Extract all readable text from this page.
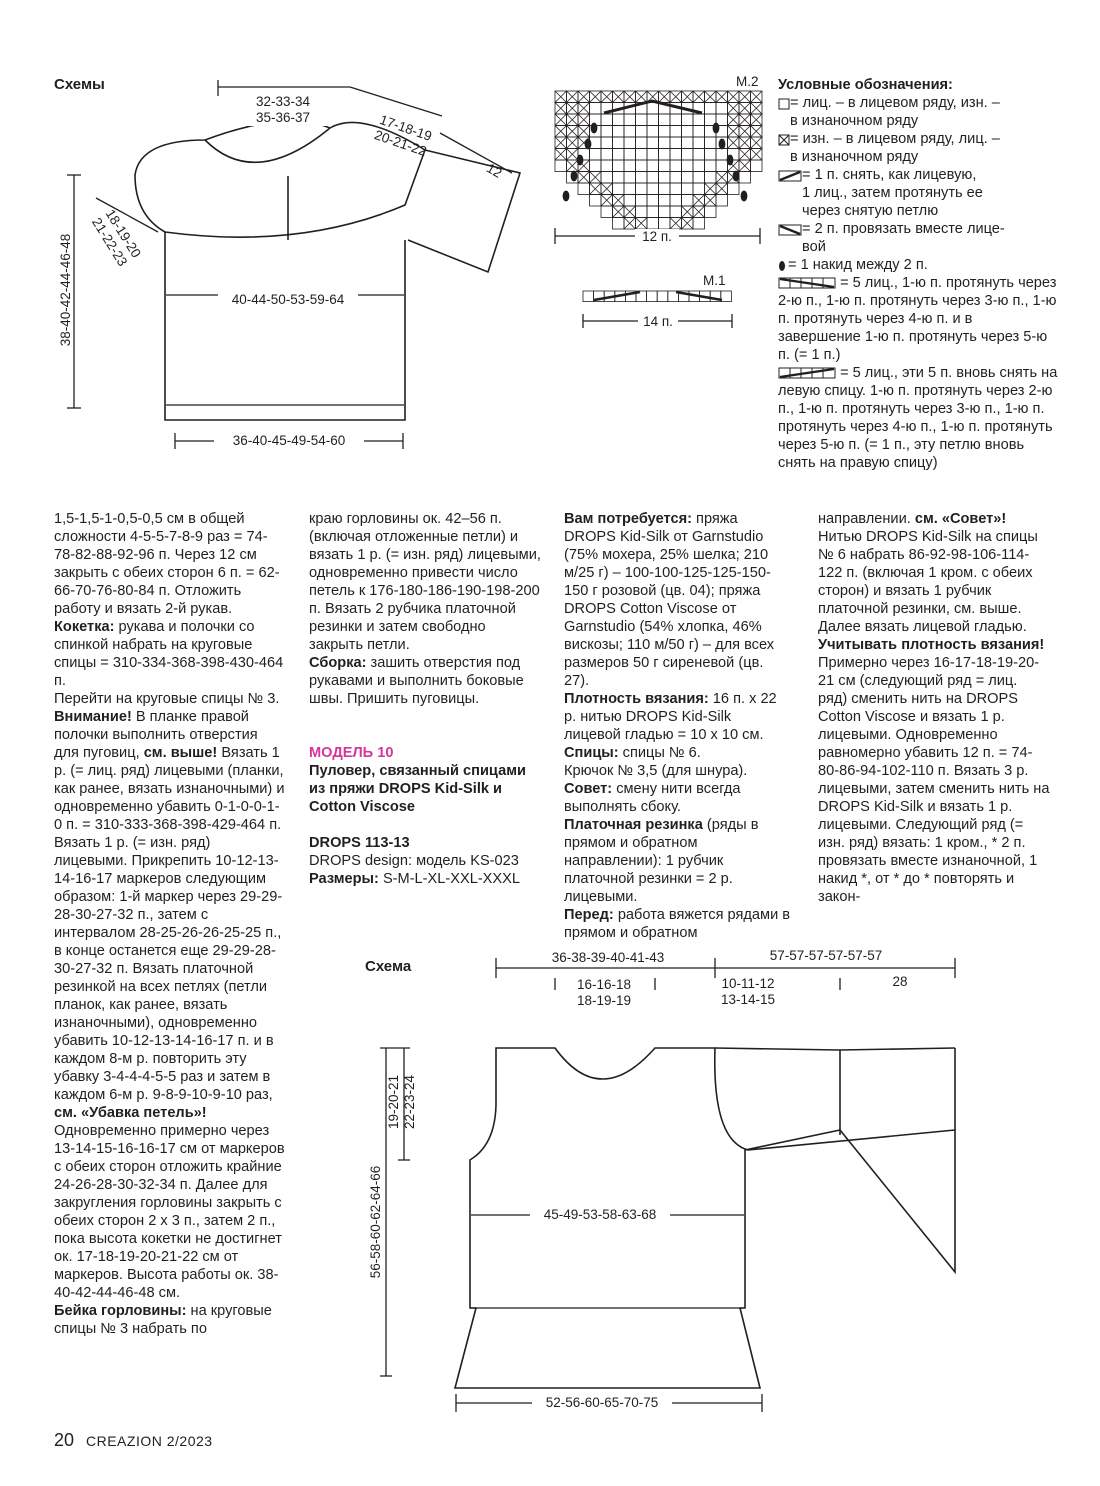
Схемы
32-33-34
35-36-37	17-18-19
20-21-22
12
18-19-20
21-22-23
40-44-50-53-59-64
38-40-42-44-46-48
36-40-45-49-54-60
M.2
12 п.
M.1
14 п.
Условные обозначения:
= лиц. – в лицевом ряду, изн. –
в изнаночном ряду
= изн. – в лицевом ряду, лиц. –
в изнаночном ряду
= 1 п. снять, как лицевую,
1 лиц., затем протянуть ее
через снятую петлю
= 2 п. провязать вместе лице-
вой
= 1 накид между 2 п.
= 5 лиц., 1-ю п. протянуть через 2-ю п., 1-ю п. протянуть через 3-ю п., 1-ю п. протянуть через 4-ю п. и в завершение 1-ю п. протянуть через 5-ю п. (= 1 п.)
= 5 лиц., эти 5 п. вновь снять на левую спицу. 1-ю п. протянуть через 2-ю п., 1-ю п. протянуть через 3-ю п., 1-ю п. протянуть через 4-ю п., 1-ю п. протянуть через 5-ю п. (= 1 п., эту петлю вновь снять на правую спицу)
1,5-1,5-1-0,5-0,5 см в общей сложности 4-5-5-7-8-9 раз = 74-78-82-88-92-96 п. Через 12 см закрыть с обеих сторон 6 п. = 62-66-70-76-80-84 п. Отложить работу и вязать 2-й рукав.
Кокетка: рукава и полочки со спинкой набрать на круговые спицы = 310-334-368-398-430-464 п.
Перейти на круговые спицы № 3. Внимание! В планке правой полочки выполнить отверстия для пуговиц, см. выше! Вязать 1 р. (= лиц. ряд) лицевыми (планки, как ранее, вязать изнаночными) и одновременно убавить 0-1-0-0-1-0 п. = 310-333-368-398-429-464 п. Вязать 1 р. (= изн. ряд) лицевыми. Прикрепить 10-12-13-14-16-17 маркеров следующим образом: 1-й маркер через 29-29-28-30-27-32 п., затем с интервалом 28-25-26-26-25-25 п., в конце останется еще 29-29-28-30-27-32 п. Вязать платочной резинкой на всех петлях (петли планок, как ранее, вязать изнаночными), одновременно убавить 10-12-13-14-16-17 п. и в каждом 8-м р. повторить эту убавку 3-4-4-4-5-5 раз и затем в каждом 6-м р. 9-8-9-10-9-10 раз, см. «Убавка петель»! Одновременно примерно через 13-14-15-16-16-17 см от маркеров с обеих сторон отложить крайние 24-26-28-30-32-34 п. Далее для закругления горловины закрыть с обеих сторон 2 х 3 п., затем 2 п., пока высота кокетки не достигнет ок. 17-18-19-20-21-22 см от маркеров. Высота работы ок. 38-40-42-44-46-48 см.
Бейка горловины: на круговые спицы № 3 набрать по
краю горловины ок. 42–56 п. (включая отложенные петли) и вязать 1 р. (= изн. ряд) лицевыми, одновременно привести число петель к 176-180-186-190-198-200 п. Вязать 2 рубчика платочной резинки и затем свободно закрыть петли.
Сборка: зашить отверстия под рукавами и выполнить боковые швы. Пришить пуговицы.
МОДЕЛЬ 10
Пуловер, связанный спицами из пряжи DROPS Kid-Silk и Cotton Viscose
DROPS 113-13
DROPS design: модель KS-023
Размеры: S-M-L-XL-XXL-XXXL
Вам потребуется: пряжа DROPS Kid-Silk от Garnstudio (75% мохера, 25% шелка; 210 м/25 г) – 100-100-125-125-150-150 г розовой (цв. 04); пряжа DROPS Cotton Viscose от Garnstudio (54% хлопка, 46% вискозы; 110 м/50 г) – для всех размеров 50 г сиреневой (цв. 27).
Плотность вязания: 16 п. х 22 р. нитью DROPS Kid-Silk лицевой гладью = 10 х 10 см.
Спицы: спицы № 6.
Крючок № 3,5 (для шнура).
Совет: смену нити всегда выполнять сбоку.
Платочная резинка (ряды в прямом и обратном направлении): 1 рубчик платочной резинки = 2 р. лицевыми.
Перед: работа вяжется рядами в прямом и обратном
направлении. см. «Совет»! Нитью DROPS Kid-Silk на спицы № 6 набрать 86-92-98-106-114-122 п. (включая 1 кром. с обеих сторон) и вязать 1 рубчик платочной резинки, см. выше. Далее вязать лицевой гладью. Учитывать плотность вязания! Примерно через 16-17-18-19-20-21 см (следующий ряд = лиц. ряд) сменить нить на DROPS Cotton Viscose и вязать 1 р. лицевыми. Одновременно равномерно убавить 12 п. = 74-80-86-94-102-110 п. Вязать 3 р. лицевыми, затем сменить нить на DROPS Kid-Silk и вязать 1 р. лицевыми. Следующий ряд (= изн. ряд) вязать: 1 кром., * 2 п. провязать вместе изнаночной, 1 накид *, от * до * повторять и закон-
Схема
36-38-39-40-41-43	57-57-57-57-57-57
16-16-18
18-19-19
10-11-12
13-14-15
28
19-20-21
22-23-24
56-58-60-62-64-66	45-49-53-58-63-68
52-56-60-65-70-75
20 CREAZION 2/2023
